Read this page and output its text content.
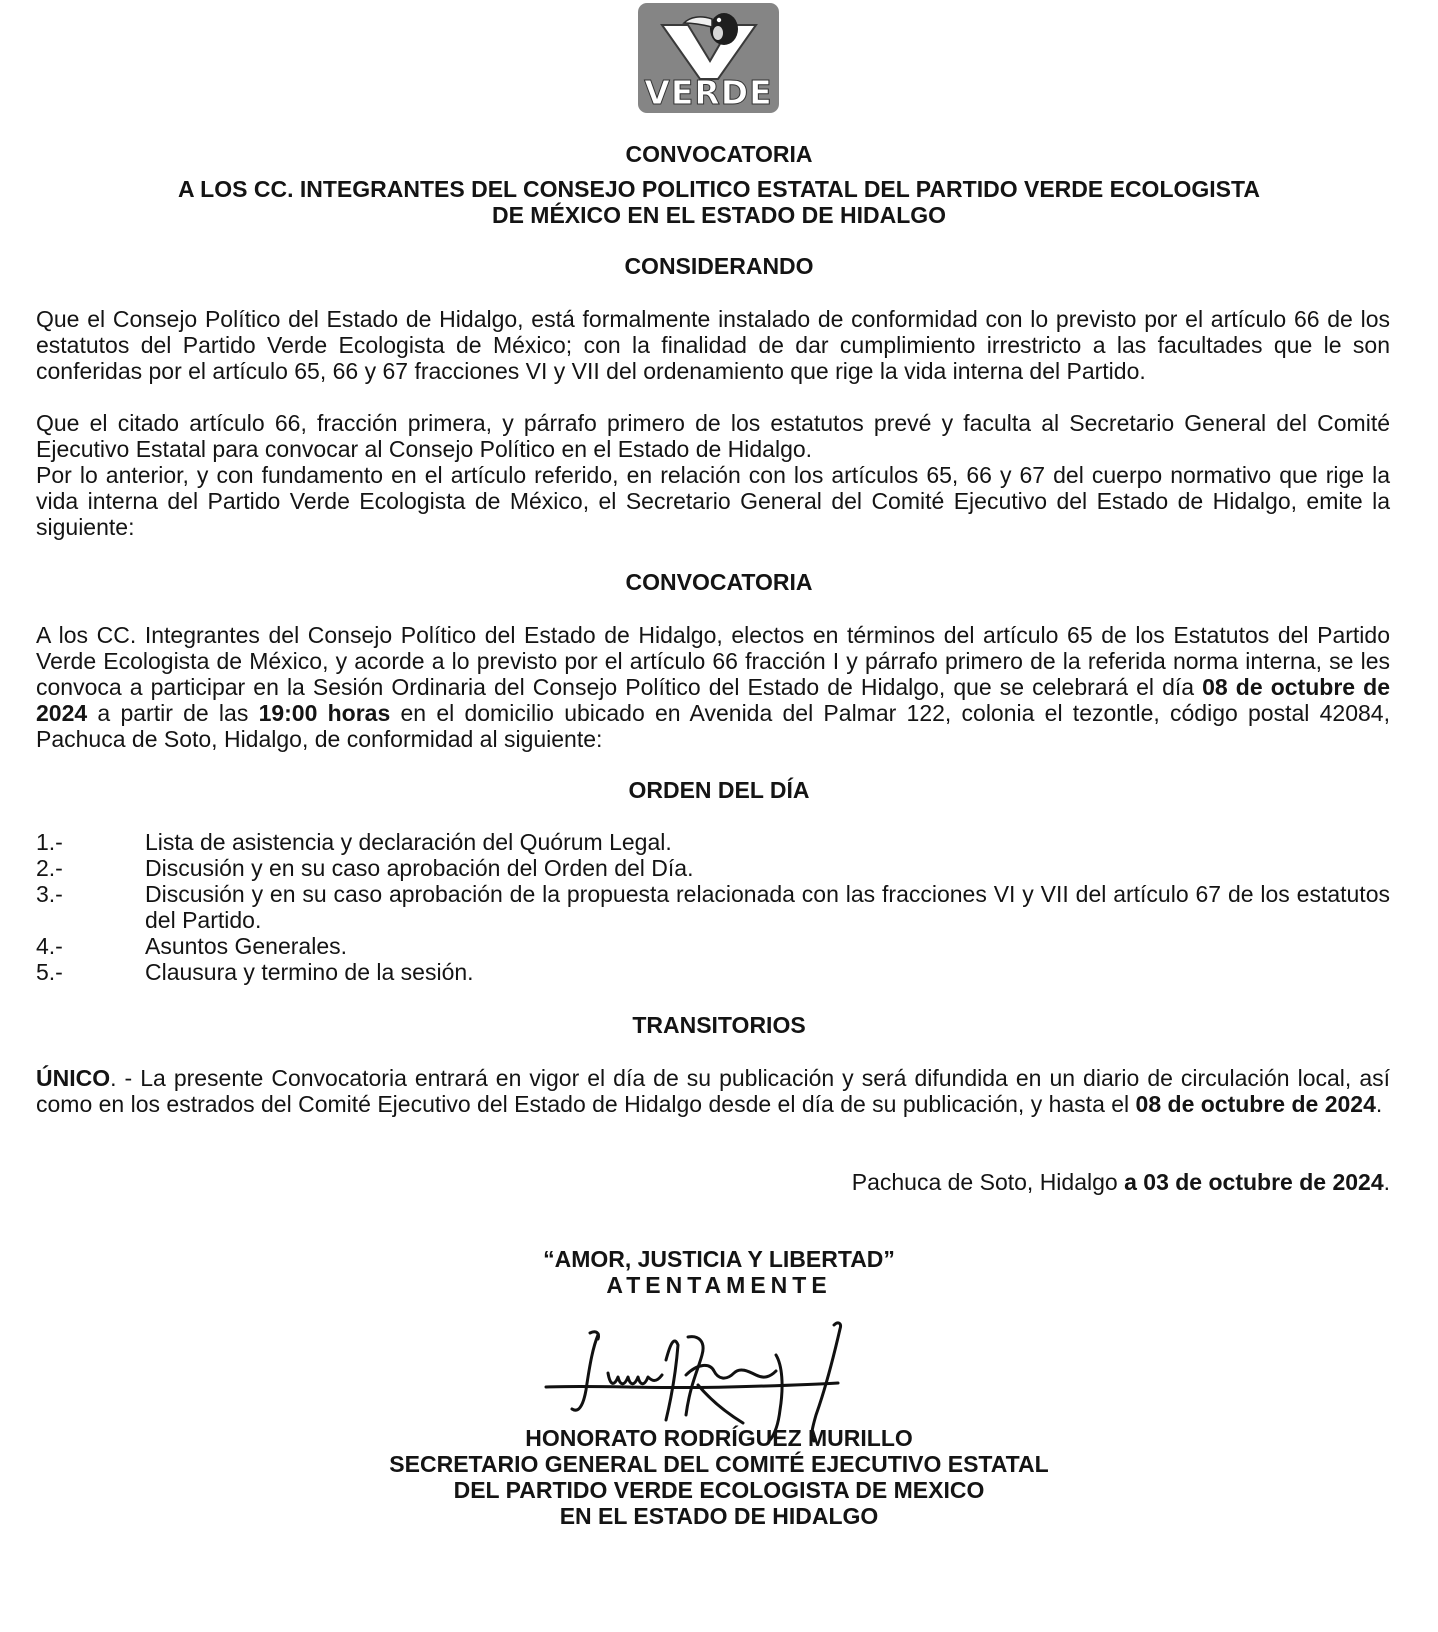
VERDE
CONVOCATORIA
A LOS CC. INTEGRANTES DEL CONSEJO POLITICO ESTATAL DEL PARTIDO VERDE ECOLOGISTA
DE MÉXICO EN EL ESTADO DE HIDALGO
CONSIDERANDO
Que el Consejo Político del Estado de Hidalgo, está formalmente instalado de conformidad con lo previsto por el artículo 66 de los estatutos del Partido Verde Ecologista de México; con la finalidad de dar cumplimiento irrestricto a las facultades que le son conferidas por el artículo 65, 66 y 67 fracciones VI y VII del ordenamiento que rige la vida interna del Partido.
Que el citado artículo 66, fracción primera, y párrafo primero de los estatutos prevé y faculta al Secretario General del Comité Ejecutivo Estatal para convocar al Consejo Político en el Estado de Hidalgo.
Por lo anterior, y con fundamento en el artículo referido, en relación con los artículos 65, 66 y 67 del cuerpo normativo que rige la vida interna del Partido Verde Ecologista de México, el Secretario General del Comité Ejecutivo del Estado de Hidalgo, emite la siguiente:
CONVOCATORIA
A los CC. Integrantes del Consejo Político del Estado de Hidalgo, electos en términos del artículo 65 de los Estatutos del Partido Verde Ecologista de México, y acorde a lo previsto por el artículo 66 fracción I y párrafo primero de la referida norma interna, se les convoca a participar en la Sesión Ordinaria del Consejo Político del Estado de Hidalgo, que se celebrará el día 08 de octubre de 2024 a partir de las 19:00 horas en el domicilio ubicado en Avenida del Palmar 122, colonia el tezontle, código postal 42084, Pachuca de Soto, Hidalgo, de conformidad al siguiente:
ORDEN DEL DÍA
1.-	Lista de asistencia y declaración del Quórum Legal.
2.-	Discusión y en su caso aprobación del Orden del Día.
3.-	Discusión y en su caso aprobación de la propuesta relacionada con las fracciones VI y VII del artículo 67 de los estatutos del Partido.
4.-	Asuntos Generales.
5.-	Clausura y termino de la sesión.
TRANSITORIOS
ÚNICO. - La presente Convocatoria entrará en vigor el día de su publicación y será difundida en un diario de circulación local, así como en los estrados del Comité Ejecutivo del Estado de Hidalgo desde el día de su publicación, y hasta el 08 de octubre de 2024.
Pachuca de Soto, Hidalgo a 03 de octubre de 2024.
“AMOR, JUSTICIA Y LIBERTAD”
ATENTAMENTE
HONORATO RODRÍGUEZ MURILLO
SECRETARIO GENERAL DEL COMITÉ EJECUTIVO ESTATAL
DEL PARTIDO VERDE ECOLOGISTA DE MEXICO
EN EL ESTADO DE HIDALGO
